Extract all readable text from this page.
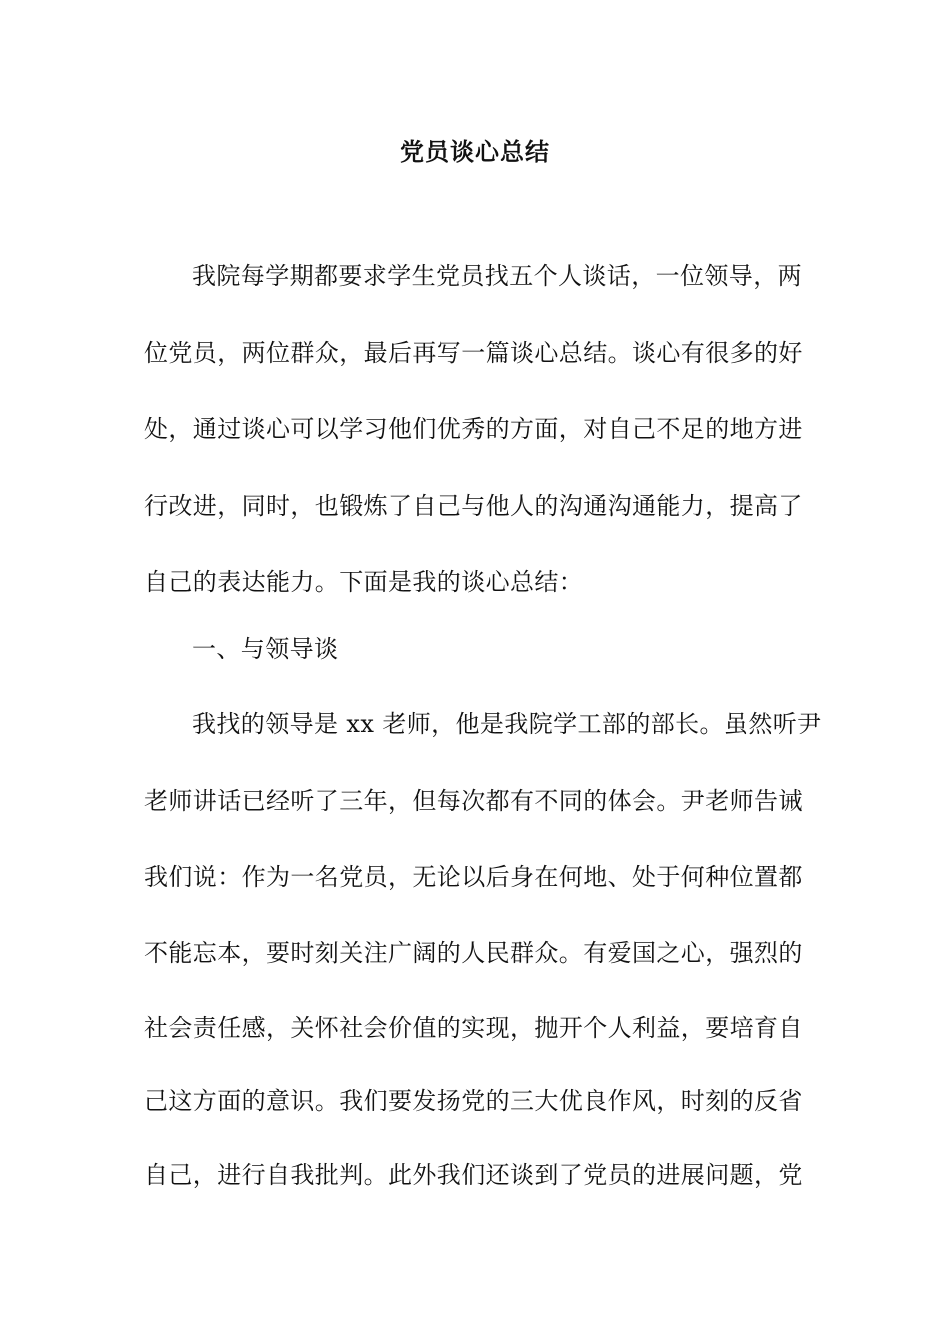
党员谈心总结
我院每学期都要求学生党员找五个人谈话，一位领导，两
位党员，两位群众，最后再写一篇谈心总结。谈心有很多的好
处，通过谈心可以学习他们优秀的方面，对自己不足的地方进
行改进，同时，也锻炼了自己与他人的沟通沟通能力，提高了
自己的表达能力。下面是我的谈心总结：
一、与领导谈
我找的领导是 xx 老师，他是我院学工部的部长。虽然听尹
老师讲话已经听了三年，但每次都有不同的体会。尹老师告诫
我们说：作为一名党员，无论以后身在何地、处于何种位置都
不能忘本，要时刻关注广阔的人民群众。有爱国之心，强烈的
社会责任感，关怀社会价值的实现，抛开个人利益，要培育自
己这方面的意识。我们要发扬党的三大优良作风，时刻的反省
自己，进行自我批判。此外我们还谈到了党员的进展问题，党
